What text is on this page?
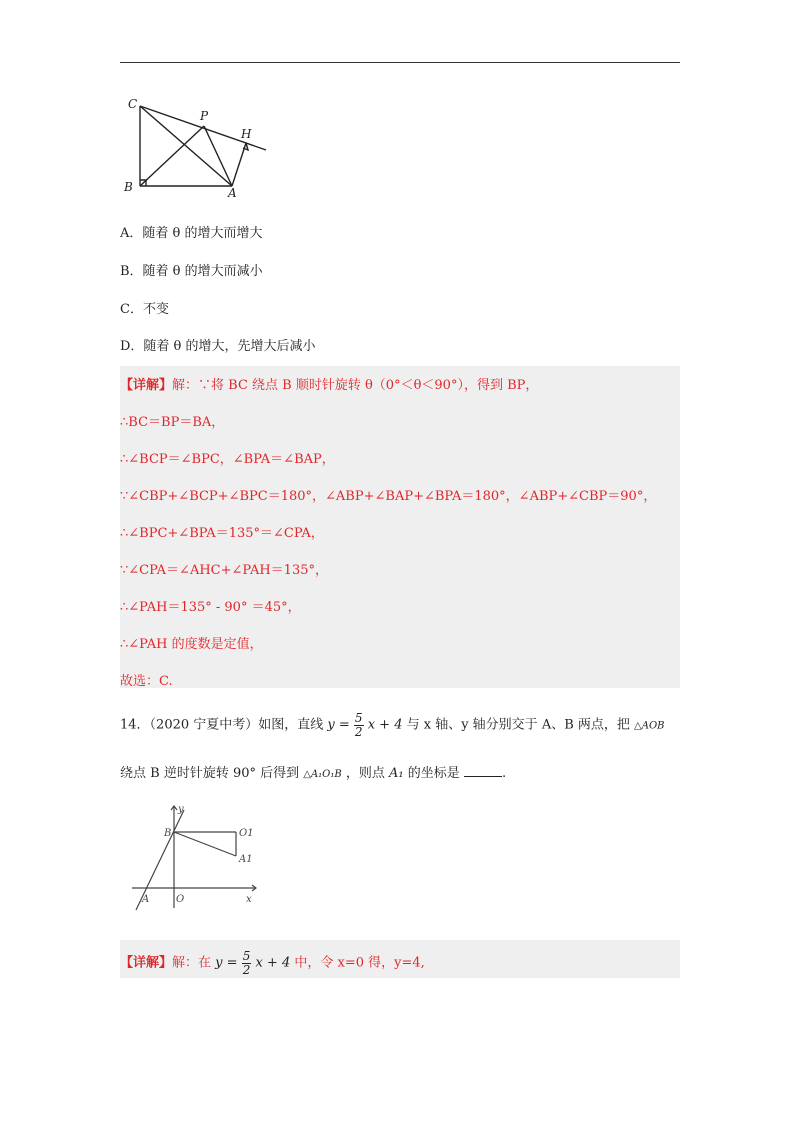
C
P
H
B	A
A．随着 θ 的增大而增大
B．随着 θ 的增大而减小
C．不变
D．随着 θ 的增大，先增大后减小
【详解】解：∵将 BC 绕点 B 顺时针旋转 θ（0°＜θ＜90°），得到 BP，
∴BC＝BP＝BA，
∴∠BCP＝∠BPC，∠BPA＝∠BAP，
∵∠CBP+∠BCP+∠BPC＝180°，∠ABP+∠BAP+∠BPA＝180°，∠ABP+∠CBP＝90°，
∴∠BPC+∠BPA＝135°＝∠CPA，
∵∠CPA＝∠AHC+∠PAH＝135°，
∴∠PAH＝135° - 90° ＝45°，
∴∠PAH 的度数是定值，
故选：C.
14．（2020 宁夏中考）如图，直线 $y = \frac{5}{2}$ x + 4 与 x 轴、y 轴分别交于 A、B 两点，把 △AOB
绕点 B 逆时针旋转 90° 后得到 △A₁O₁B ，则点 A₁ 的坐标是	.
y
B	O1
A1
A	O	x
【详解】解：在 $y = \frac{5}{2}$ x + 4 中，令 x=0 得，y=4,
